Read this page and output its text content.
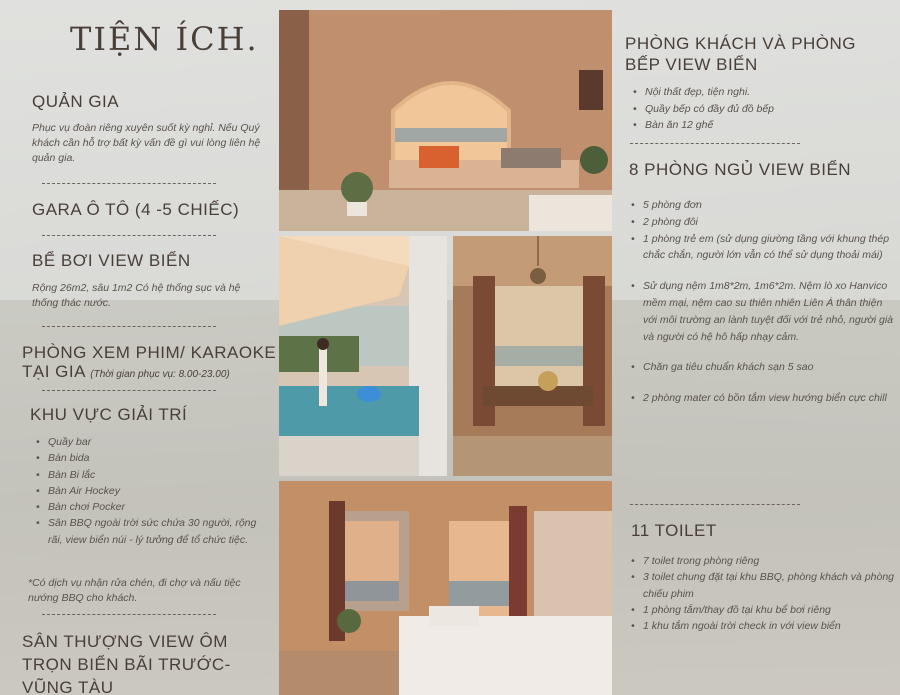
TIỆN ÍCH.
QUẢN GIA
Phục vụ đoàn riêng xuyên suốt kỳ nghỉ. Nếu Quý khách cần hỗ trợ bất kỳ vấn đề gì vui lòng liên hệ quản gia.
GARA Ô TÔ (4 -5 CHIẾC)
BỂ BƠI VIEW BIỂN
Rộng 26m2, sâu 1m2 Có hệ thống sục và hệ thống thác nước.
PHÒNG XEM PHIM/ KARAOKE TẠI GIA (Thời gian phục vụ: 8.00-23.00)
KHU VỰC GIẢI TRÍ
• Quầy bar
• Bàn bida
• Bàn Bi lắc
• Bàn Air Hockey
• Bàn chơi Pocker
• Sân BBQ ngoài trời sức chứa 30 người, rộng rãi, view biển núi - lý tưởng để tổ chức tiệc.
*Có dịch vụ nhận rửa chén, đi chợ và nấu tiệc nướng BBQ cho khách.
SÂN THƯỢNG VIEW ÔM TRỌN BIỂN BÃI TRƯỚC- VŨNG TÀU
PHÒNG KHÁCH VÀ PHÒNG BẾP VIEW BIỂN
• Nội thất đẹp, tiện nghi.
• Quầy bếp có đầy đủ đồ bếp
• Bàn ăn 12 ghế
8 PHÒNG NGỦ VIEW BIỂN
• 5 phòng đơn
• 2 phòng đôi
• 1 phòng trẻ em (sử dụng giường tầng với khung thép chắc chắn, người lớn vẫn có thể sử dụng thoải mái)
• Sử dụng nệm 1m8*2m, 1m6*2m. Nệm lò xo Hanvico mềm mại, nệm cao su thiên nhiên Liên Á thân thiện với môi trường an lành tuyệt đối với trẻ nhỏ, người già và người có hệ hô hấp nhạy cảm.
• Chăn ga tiêu chuẩn khách sạn 5 sao
• 2 phòng mater có bồn tắm view hướng biển cực chill
11 TOILET
• 7 toilet trong phòng riêng
• 3 toilet chung đặt tại khu BBQ, phòng khách và phòng chiếu phim
• 1 phòng tắm/thay đồ tại khu bể bơi riêng
• 1 khu tắm ngoài trời check in với view biển
